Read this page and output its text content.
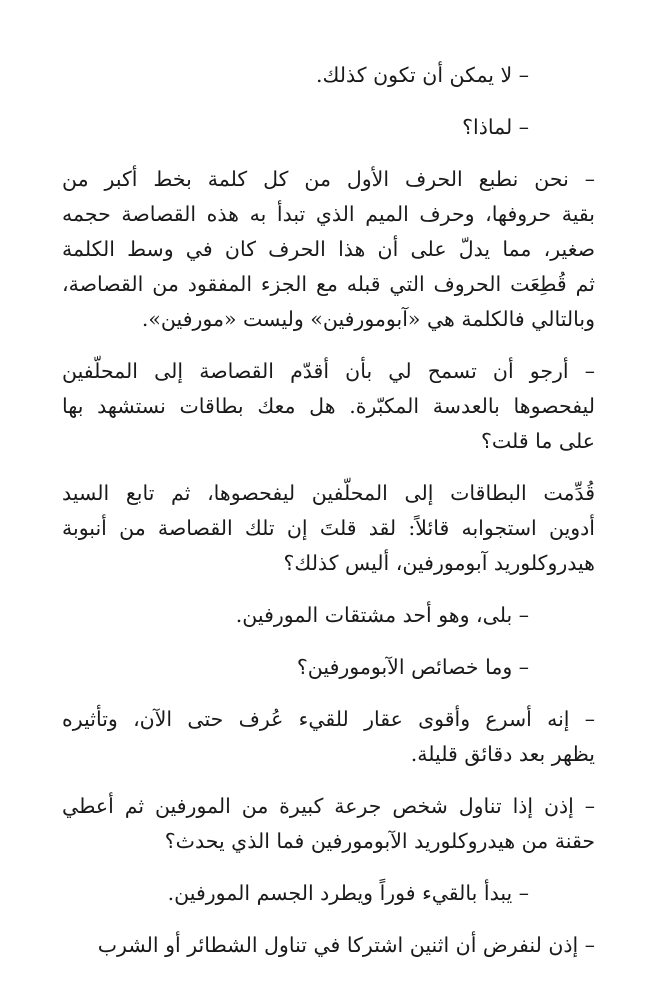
– لا يمكن أن تكون كذلك.
– لماذا؟
– نحن نطبع الحرف الأول من كل كلمة بخط أكبر من
بقية حروفها، وحرف الميم الذي تبدأ به هذه القصاصة حجمه
صغير، مما يدلّ على أن هذا الحرف كان في وسط الكلمة
ثم قُطِعَت الحروف التي قبله مع الجزء المفقود من القصاصة،
وبالتالي فالكلمة هي «آبومورفين» وليست «مورفين».
– أرجو أن تسمح لي بأن أقدّم القصاصة إلى المحلّفين
ليفحصوها بالعدسة المكبّرة. هل معك بطاقات نستشهد بها
على ما قلت؟
قُدِّمت البطاقات إلى المحلّفين ليفحصوها، ثم تابع السيد
أدوين استجوابه قائلاً: لقد قلتَ إن تلك القصاصة من أنبوبة
هيدروكلوريد آبومورفين، أليس كذلك؟
– بلى، وهو أحد مشتقات المورفين.
– وما خصائص الآبومورفين؟
– إنه أسرع وأقوى عقار للقيء عُرف حتى الآن، وتأثيره
يظهر بعد دقائق قليلة.
– إذن إذا تناول شخص جرعة كبيرة من المورفين ثم أعطي
حقنة من هيدروكلوريد الآبومورفين فما الذي يحدث؟
– يبدأ بالقيء فوراً ويطرد الجسم المورفين.
– إذن لنفرض أن اثنين اشتركا في تناول الشطائر أو الشرب
